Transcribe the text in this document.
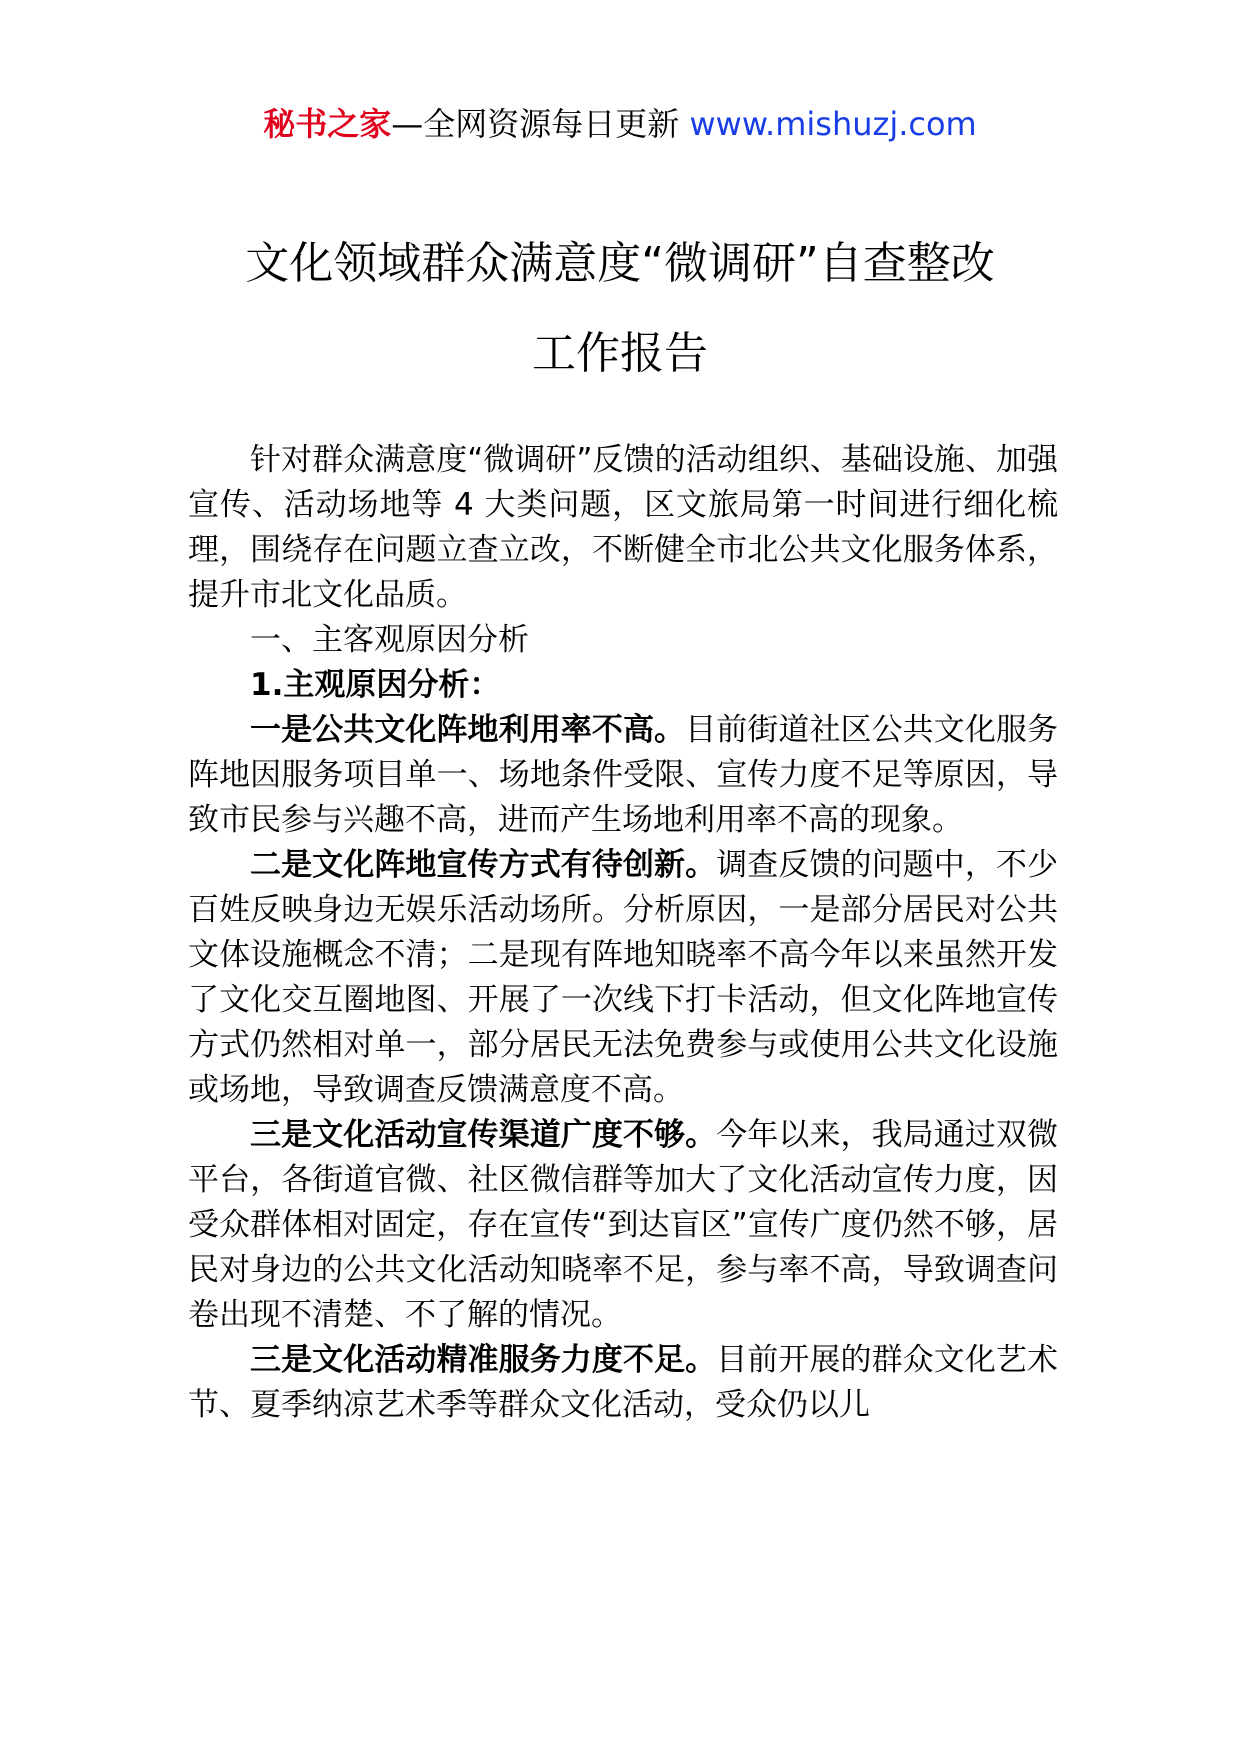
秘书之家—全网资源每日更新 www.mishuzj.com
文化领域群众满意度“微调研”自查整改
工作报告

针对群众满意度“微调研”反馈的活动组织、基础设施、加强宣传、活动场地等 4 大类问题，区文旅局第一时间进行细化梳理，围绕存在问题立查立改，不断健全市北公共文化服务体系，提升市北文化品质。

一、主客观原因分析

1.主观原因分析：

一是公共文化阵地利用率不高。目前街道社区公共文化服务阵地因服务项目单一、场地条件受限、宣传力度不足等原因，导致市民参与兴趣不高，进而产生场地利用率不高的现象。

二是文化阵地宣传方式有待创新。调查反馈的问题中，不少百姓反映身边无娱乐活动场所。分析原因，一是部分居民对公共文体设施概念不清；二是现有阵地知晓率不高今年以来虽然开发了文化交互圈地图、开展了一次线下打卡活动，但文化阵地宣传方式仍然相对单一，部分居民无法免费参与或使用公共文化设施或场地，导致调查反馈满意度不高。

三是文化活动宣传渠道广度不够。今年以来，我局通过双微平台，各街道官微、社区微信群等加大了文化活动宣传力度，因受众群体相对固定，存在宣传“到达盲区”宣传广度仍然不够，居民对身边的公共文化活动知晓率不足，参与率不高，导致调查问卷出现不清楚、不了解的情况。

三是文化活动精准服务力度不足。目前开展的群众文化艺术节、夏季纳凉艺术季等群众文化活动，受众仍以儿
